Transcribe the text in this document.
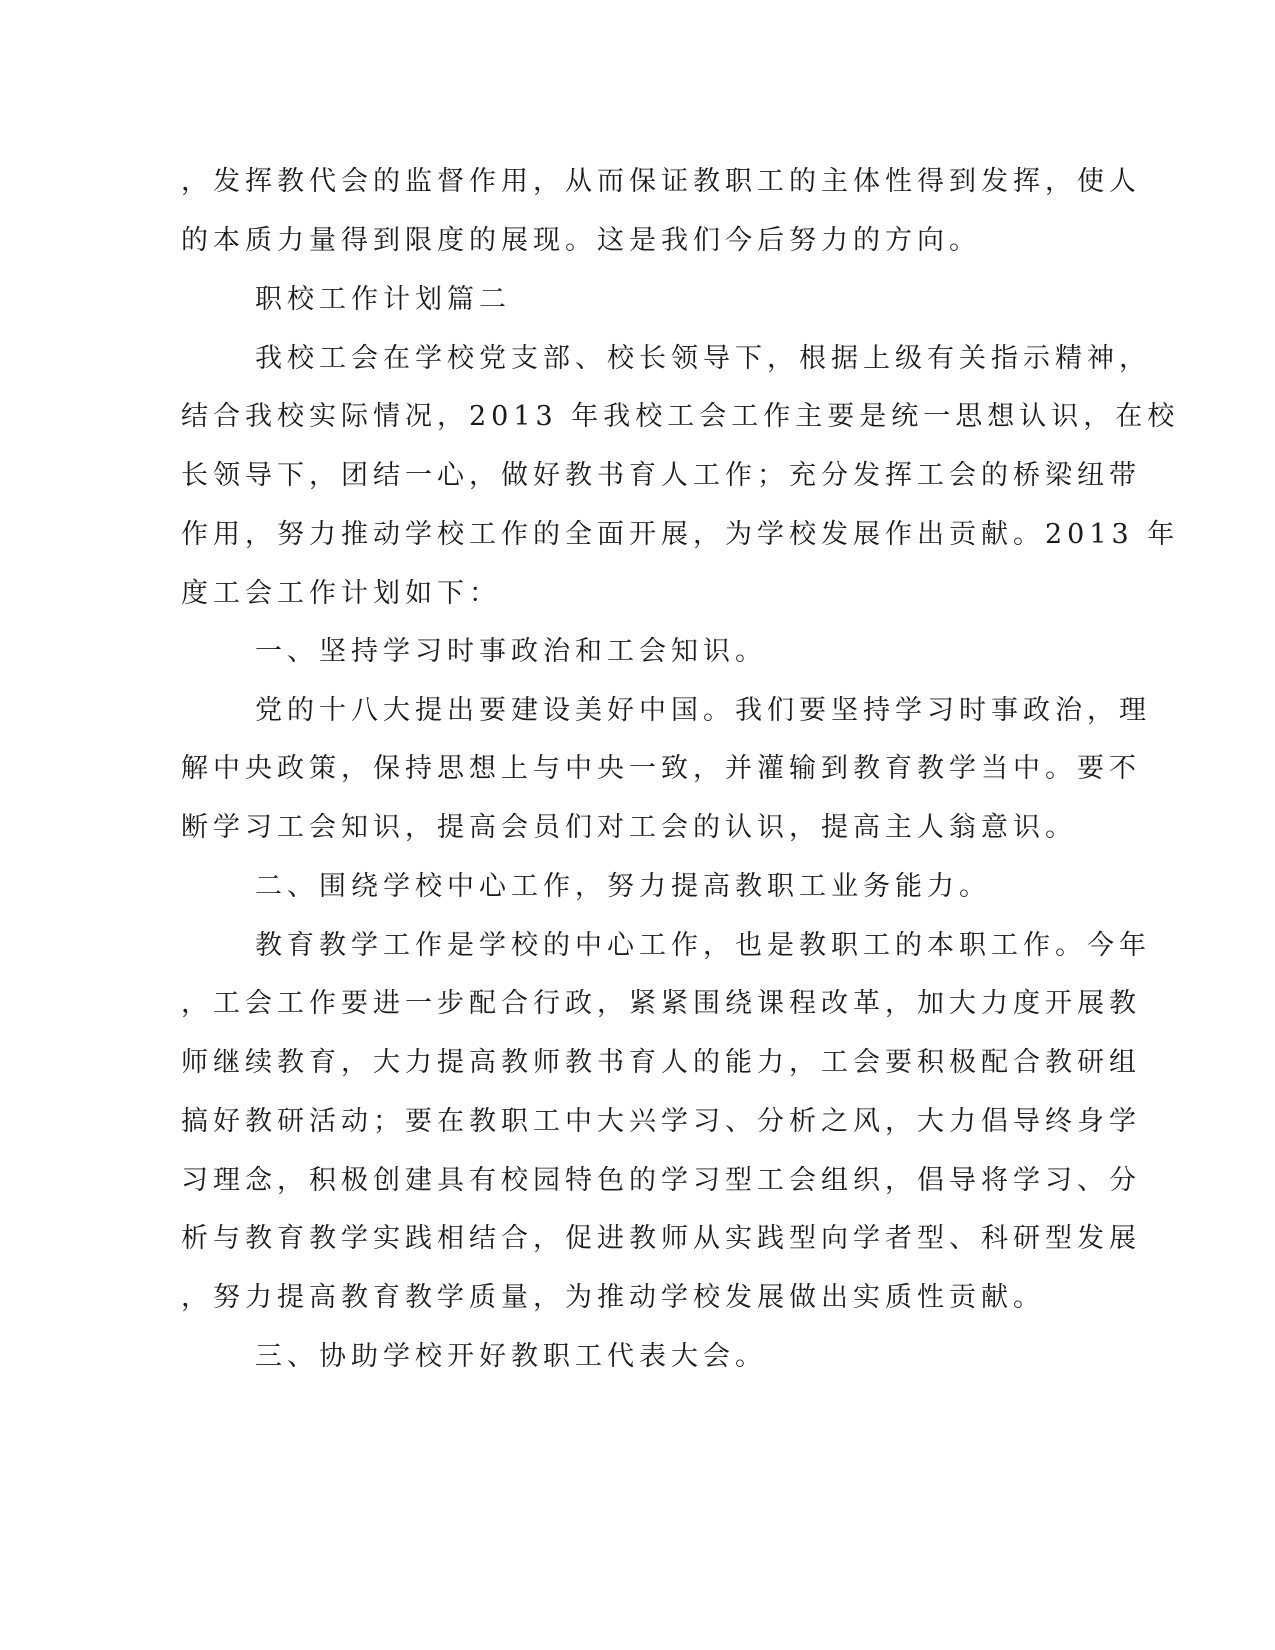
，发挥教代会的监督作用，从而保证教职工的主体性得到发挥，使人
的本质力量得到限度的展现。这是我们今后努力的方向。
职校工作计划篇二
我校工会在学校党支部、校长领导下，根据上级有关指示精神，
结合我校实际情况，2013 年我校工会工作主要是统一思想认识，在校
长领导下，团结一心，做好教书育人工作；充分发挥工会的桥梁纽带
作用，努力推动学校工作的全面开展，为学校发展作出贡献。2013 年
度工会工作计划如下：
一、坚持学习时事政治和工会知识。
党的十八大提出要建设美好中国。我们要坚持学习时事政治，理
解中央政策，保持思想上与中央一致，并灌输到教育教学当中。要不
断学习工会知识，提高会员们对工会的认识，提高主人翁意识。
二、围绕学校中心工作，努力提高教职工业务能力。
教育教学工作是学校的中心工作，也是教职工的本职工作。今年
，工会工作要进一步配合行政，紧紧围绕课程改革，加大力度开展教
师继续教育，大力提高教师教书育人的能力，工会要积极配合教研组
搞好教研活动；要在教职工中大兴学习、分析之风，大力倡导终身学
习理念，积极创建具有校园特色的学习型工会组织，倡导将学习、分
析与教育教学实践相结合，促进教师从实践型向学者型、科研型发展
，努力提高教育教学质量，为推动学校发展做出实质性贡献。
三、协助学校开好教职工代表大会。
